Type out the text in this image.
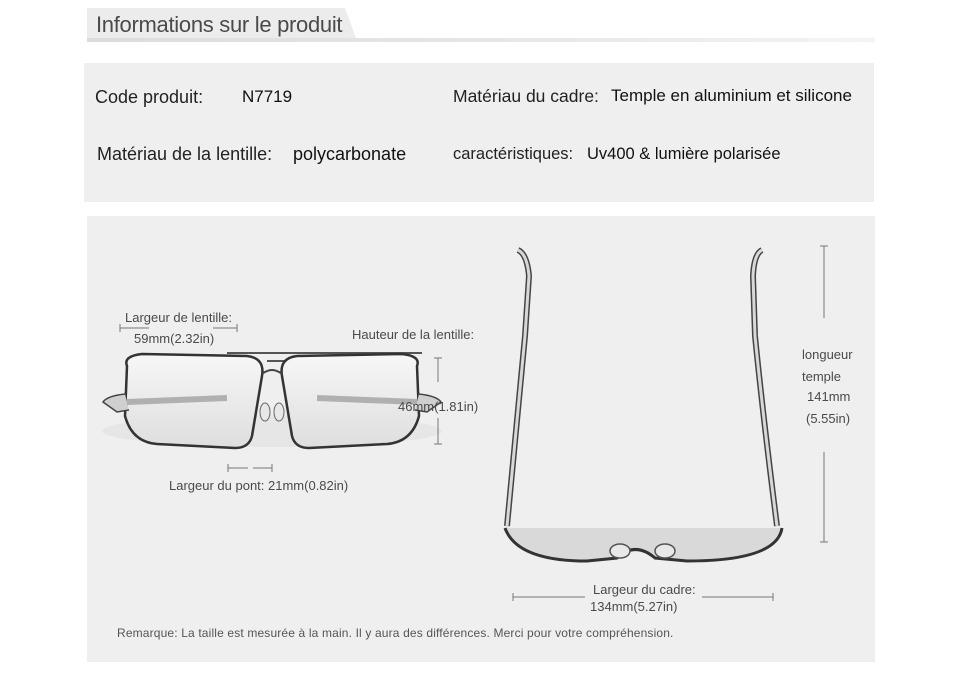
Informations sur le produit
Code produit: N7719	Matériau du cadre: Temple en aluminium et silicone
Matériau de la lentille: polycarbonate	caractéristiques: Uv400 & lumière polarisée
Largeur de lentille:
59mm(2.32in)	Hauteur de la lentille:
46mm(1.81in)
Largeur du pont: 21mm(0.82in)
longueur
temple
141mm
(5.55in)
Largeur du cadre:
134mm(5.27in)
Remarque: La taille est mesurée à la main. Il y aura des différences. Merci pour votre compréhension.
